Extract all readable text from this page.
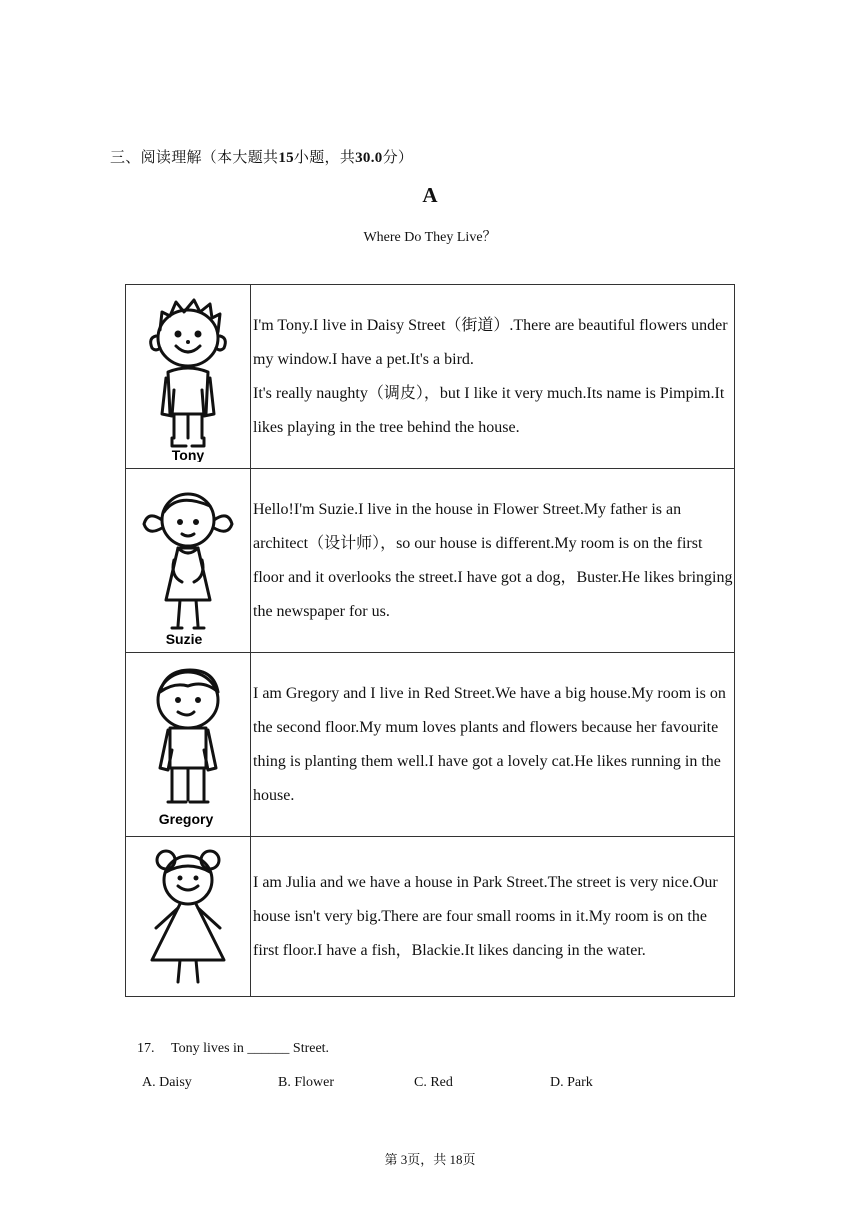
三、阅读理解（本大题共15小题，共30.0分）
A
Where Do They Live？
Tony	I'm Tony.I live in Daisy Street（街道）.There are beautiful flowers under my window.I have a pet.It's a bird.
It's really naughty（调皮），but I like it very much.Its name is Pimpim.It likes playing in the tree behind the house.

Suzie	Hello!I'm Suzie.I live in the house in Flower Street.My father is an architect（设计师），so our house is different.My room is on the first floor and it overlooks the street.I have got a dog，Buster.He likes bringing the newspaper for us.

Gregory	I am Gregory and I live in Red Street.We have a big house.My room is on the second floor.My mum loves plants and flowers because her favourite thing is planting them well.I have got a lovely cat.He likes running in the house.

I am Julia and we have a house in Park Street.The street is very nice.Our house isn't very big.There are four small rooms in it.My room is on the first floor.I have a fish，Blackie.It likes dancing in the water.
17. Tony lives in ______ Street.
A. Daisy	B. Flower	C. Red	D. Park
第 3页，共 18页
